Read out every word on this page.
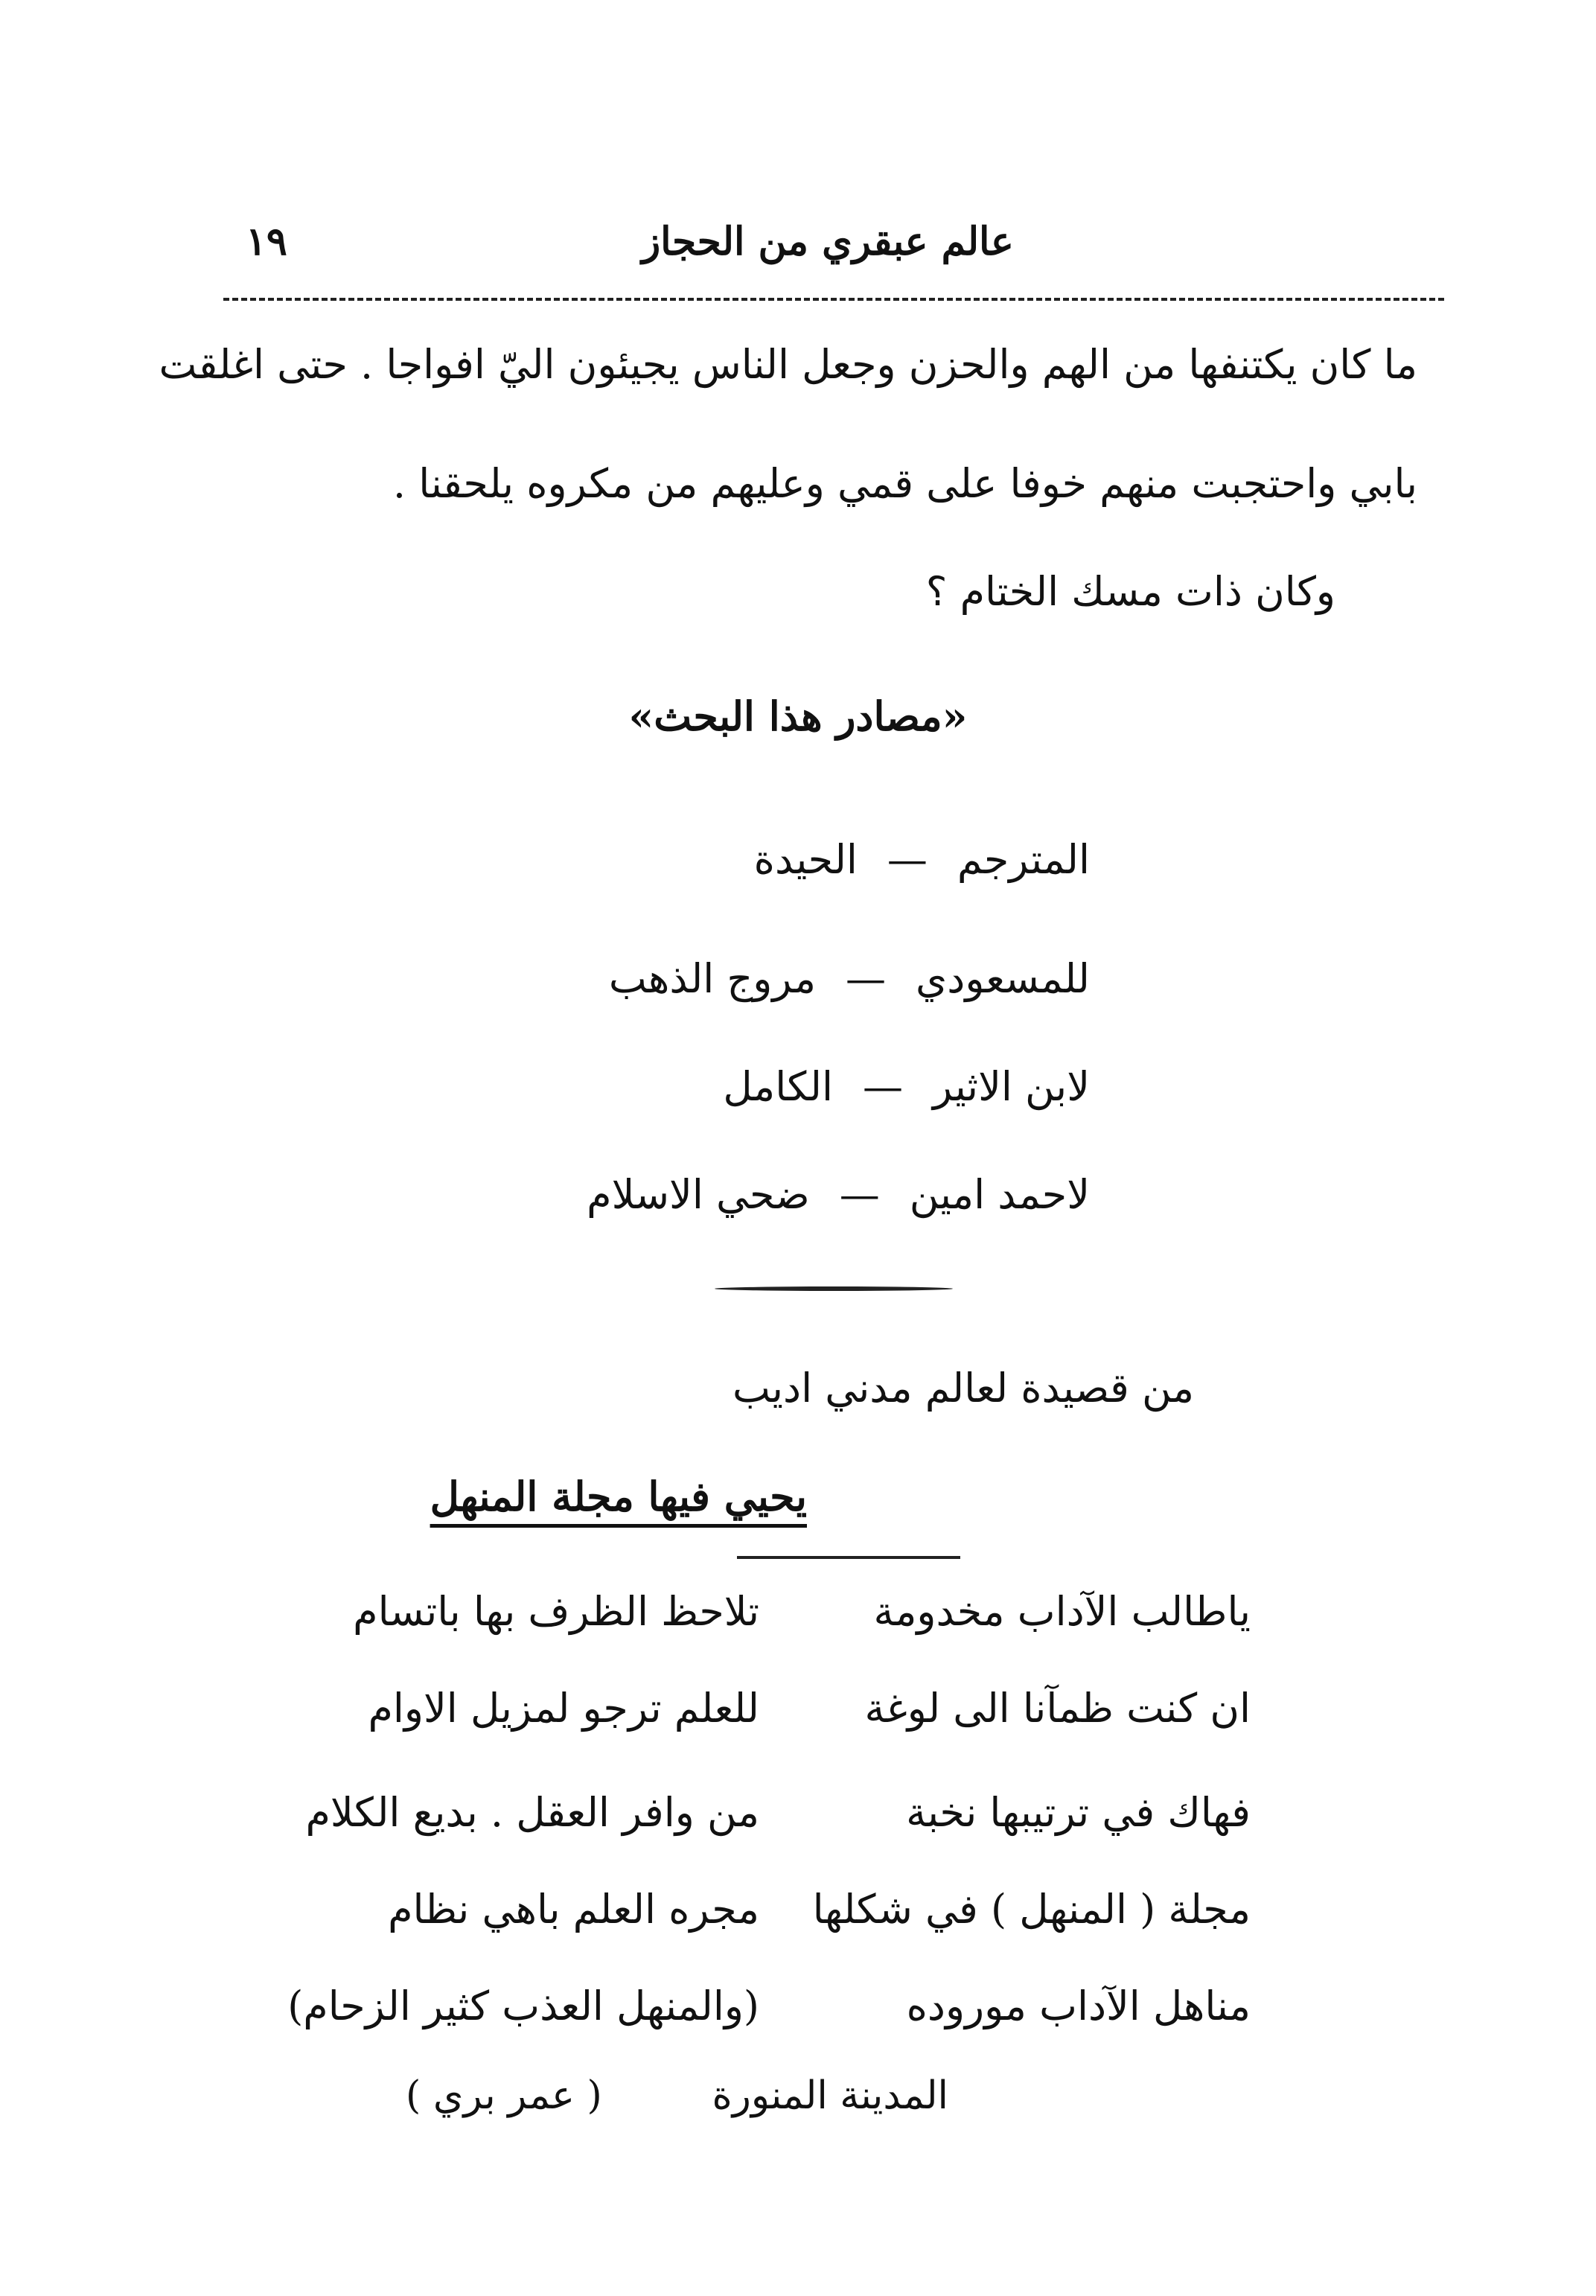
عالم عبقري من الحجاز
١٩
ما كان يكتنفها من الهم والحزن وجعل الناس يجيئون اليّ افواجا . حتى اغلقت
بابي واحتجبت منهم خوفا على قمي وعليهم من مكروه يلحقنا .
وكان ذات مسك الختام ؟
«مصادر هذا البحث»
الحيدة — المترجم
مروج الذهب — للمسعودي
الكامل — لابن الاثير
ضحي الاسلام — لاحمد امين
من قصيدة لعالم مدني اديب
يحيي فيها مجلة المنهل
ياطالب الآداب مخدومة
تلاحظ الظرف بها باتسام
ان كنت ظمآنا الى لوغة
للعلم ترجو لمزيل الاوام
فهاك في ترتيبها نخبة
من وافر العقل . بديع الكلام
مجلة ( المنهل ) في شكلها
مجره العلم باهي نظام
مناهل الآداب موروده
(والمنهل العذب كثير الزحام)
المدينة المنورة
( عمر بري )
